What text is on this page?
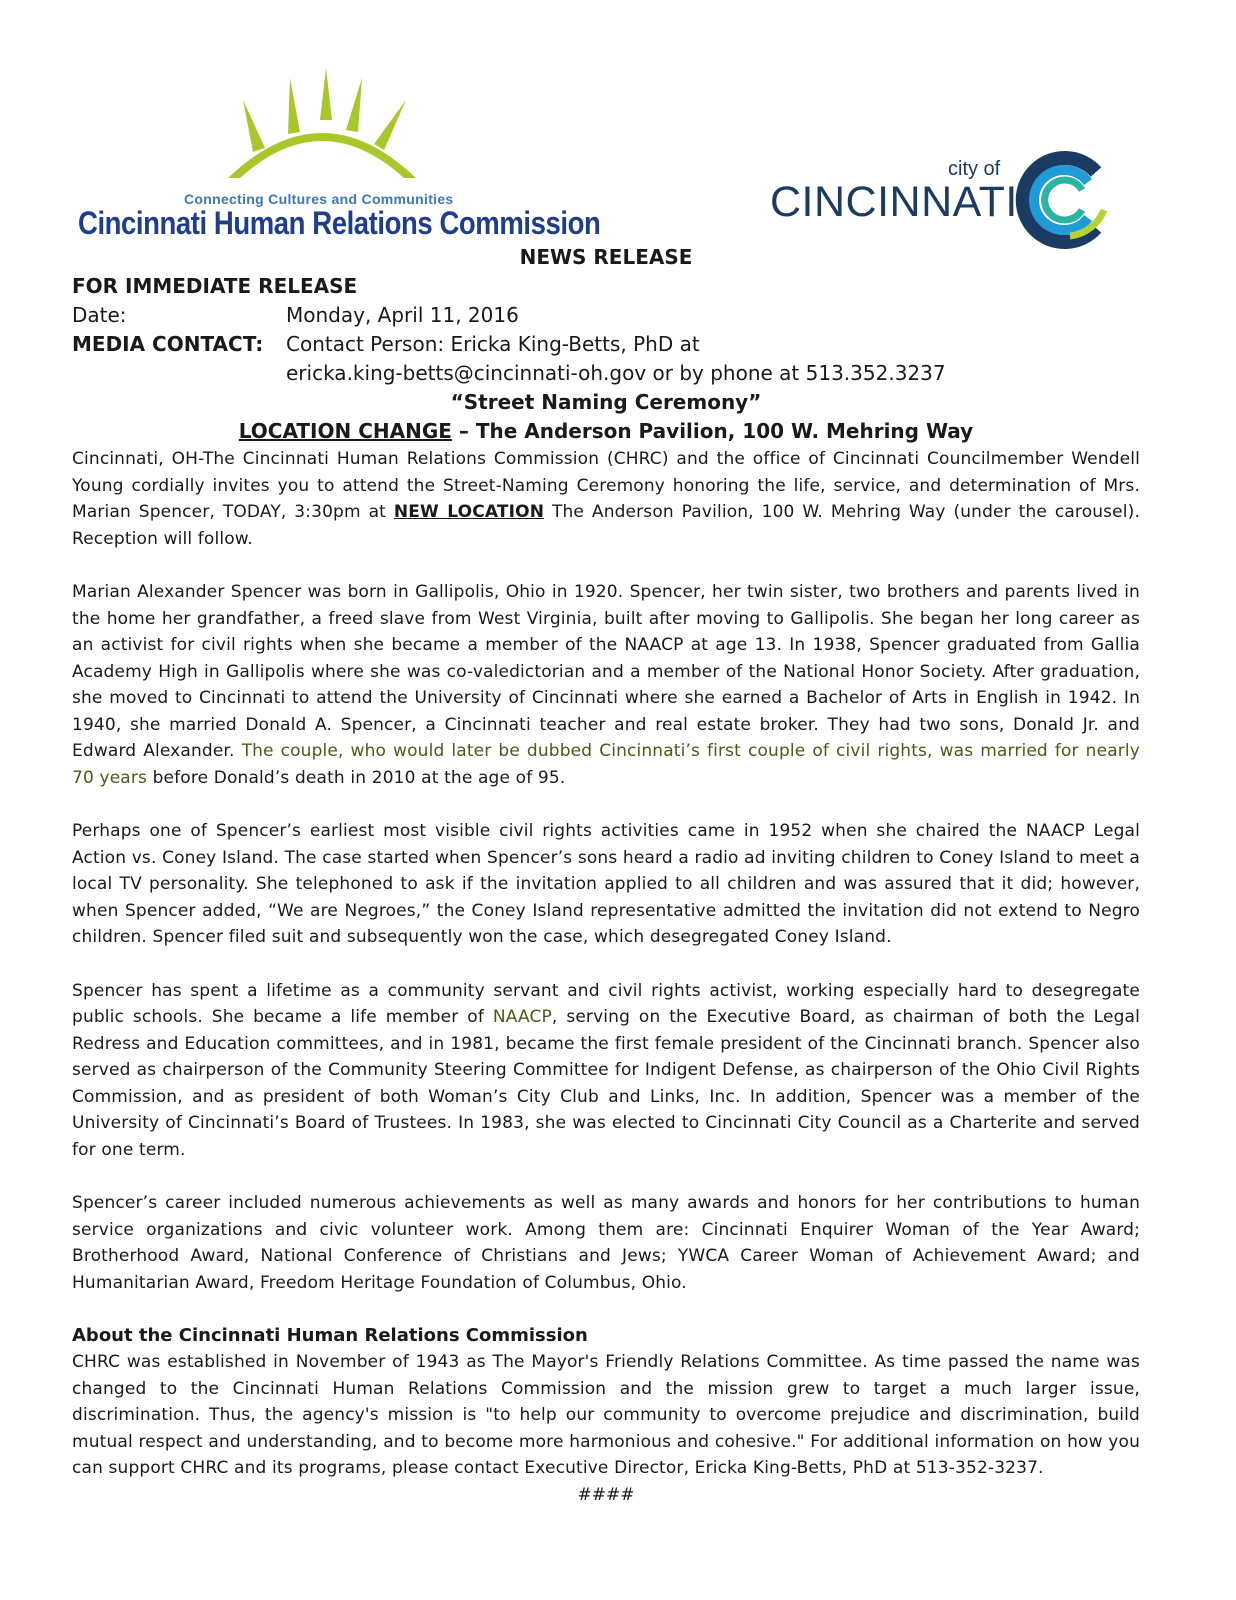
Connecting Cultures and Communities
Cincinnati Human Relations Commission
city of
CINCINNATI
NEWS RELEASE
FOR IMMEDIATE RELEASE
Date:	Monday, April 11, 2016
MEDIA CONTACT:	Contact Person: Ericka King-Betts, PhD at
ericka.king-betts@cincinnati-oh.gov or by phone at 513.352.3237
“Street Naming Ceremony”
LOCATION CHANGE – The Anderson Pavilion, 100 W. Mehring Way

Cincinnati, OH-The Cincinnati Human Relations Commission (CHRC) and the office of Cincinnati Councilmember Wendell Young cordially invites you to attend the Street-Naming Ceremony honoring the life, service, and determination of Mrs. Marian Spencer, TODAY, 3:30pm at NEW LOCATION The Anderson Pavilion, 100 W. Mehring Way (under the carousel). Reception will follow.

Marian Alexander Spencer was born in Gallipolis, Ohio in 1920. Spencer, her twin sister, two brothers and parents lived in the home her grandfather, a freed slave from West Virginia, built after moving to Gallipolis. She began her long career as an activist for civil rights when she became a member of the NAACP at age 13. In 1938, Spencer graduated from Gallia Academy High in Gallipolis where she was co-valedictorian and a member of the National Honor Society. After graduation, she moved to Cincinnati to attend the University of Cincinnati where she earned a Bachelor of Arts in English in 1942. In 1940, she married Donald A. Spencer, a Cincinnati teacher and real estate broker. They had two sons, Donald Jr. and Edward Alexander. The couple, who would later be dubbed Cincinnati’s first couple of civil rights, was married for nearly 70 years before Donald’s death in 2010 at the age of 95.

Perhaps one of Spencer’s earliest most visible civil rights activities came in 1952 when she chaired the NAACP Legal Action vs. Coney Island. The case started when Spencer’s sons heard a radio ad inviting children to Coney Island to meet a local TV personality. She telephoned to ask if the invitation applied to all children and was assured that it did; however, when Spencer added, “We are Negroes,” the Coney Island representative admitted the invitation did not extend to Negro children. Spencer filed suit and subsequently won the case, which desegregated Coney Island.

Spencer has spent a lifetime as a community servant and civil rights activist, working especially hard to desegregate public schools. She became a life member of NAACP, serving on the Executive Board, as chairman of both the Legal Redress and Education committees, and in 1981, became the first female president of the Cincinnati branch. Spencer also served as chairperson of the Community Steering Committee for Indigent Defense, as chairperson of the Ohio Civil Rights Commission, and as president of both Woman’s City Club and Links, Inc. In addition, Spencer was a member of the University of Cincinnati’s Board of Trustees. In 1983, she was elected to Cincinnati City Council as a Charterite and served for one term.

Spencer’s career included numerous achievements as well as many awards and honors for her contributions to human service organizations and civic volunteer work. Among them are: Cincinnati Enquirer Woman of the Year Award; Brotherhood Award, National Conference of Christians and Jews; YWCA Career Woman of Achievement Award; and Humanitarian Award, Freedom Heritage Foundation of Columbus, Ohio.

About the Cincinnati Human Relations Commission

CHRC was established in November of 1943 as The Mayor's Friendly Relations Committee. As time passed the name was changed to the Cincinnati Human Relations Commission and the mission grew to target a much larger issue, discrimination. Thus, the agency's mission is "to help our community to overcome prejudice and discrimination, build mutual respect and understanding, and to become more harmonious and cohesive." For additional information on how you can support CHRC and its programs, please contact Executive Director, Ericka King-Betts, PhD at 513-352-3237.

####
